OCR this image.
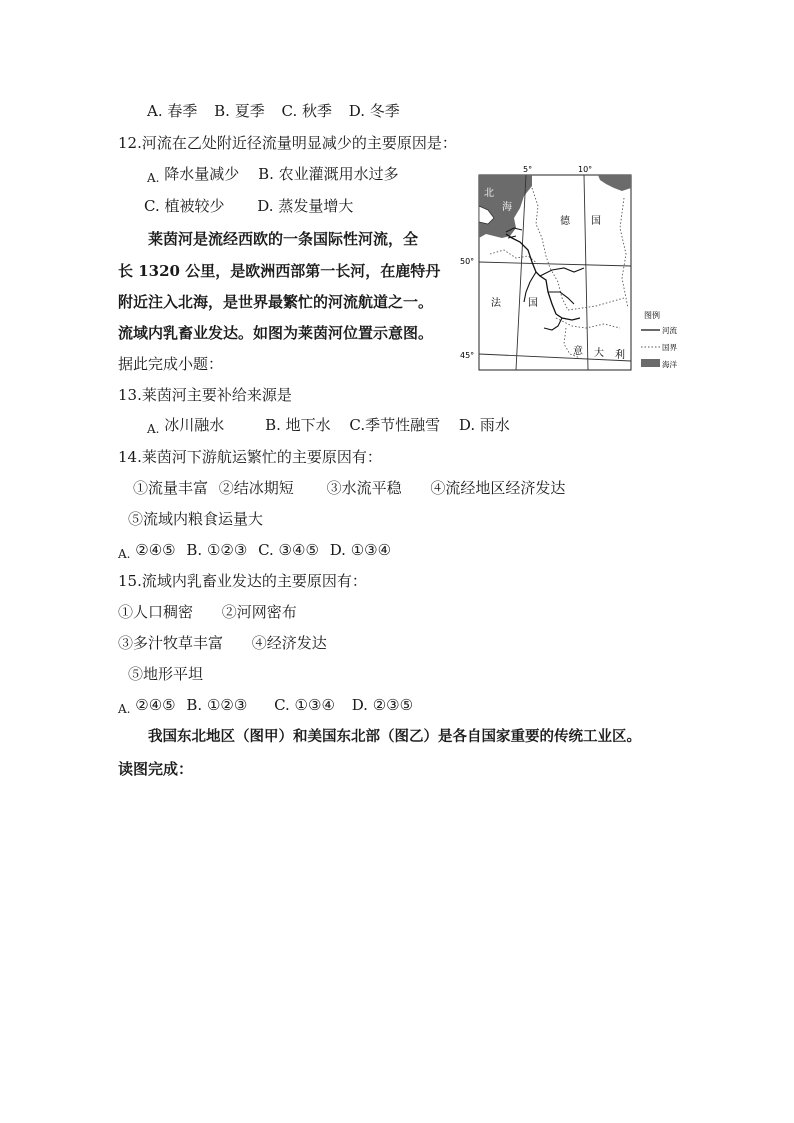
A. 春季 B. 夏季 C. 秋季 D. 冬季
12.河流在乙处附近径流量明显减少的主要原因是：
$_{A.}$ 降水量减少 B. 农业灌溉用水过多
C. 植被较少 D. 蒸发量增大
莱茵河是流经西欧的一条国际性河流，全
长 1320 公里，是欧洲西部第一长河，在鹿特丹
附近注入北海，是世界最繁忙的河流航道之一。
流域内乳畜业发达。如图为莱茵河位置示意图。
据此完成小题：
5°	10°
50°
45°
北
海
德 国
法	国
意 大 利
图例
河流
国界
海洋
13.莱茵河主要补给来源是
$_{A.}$ 冰川融水	B. 地下水 C.季节性融雪 D. 雨水
14.莱茵河下游航运繁忙的主要原因有：
①流量丰富 ②结冰期短 ③水流平稳 ④流经地区经济发达
⑤流域内粮食运量大
$_{A.}$ ②④⑤ B. ①②③ C. ③④⑤ D. ①③④
15.流域内乳畜业发达的主要原因有：
①人口稠密 ②河网密布
③多汁牧草丰富 ④经济发达
⑤地形平坦
$_{A.}$ ②④⑤ B. ①②③ C. ①③④ D. ②③⑤
我国东北地区（图甲）和美国东北部（图乙）是各自国家重要的传统工业区。
读图完成：
